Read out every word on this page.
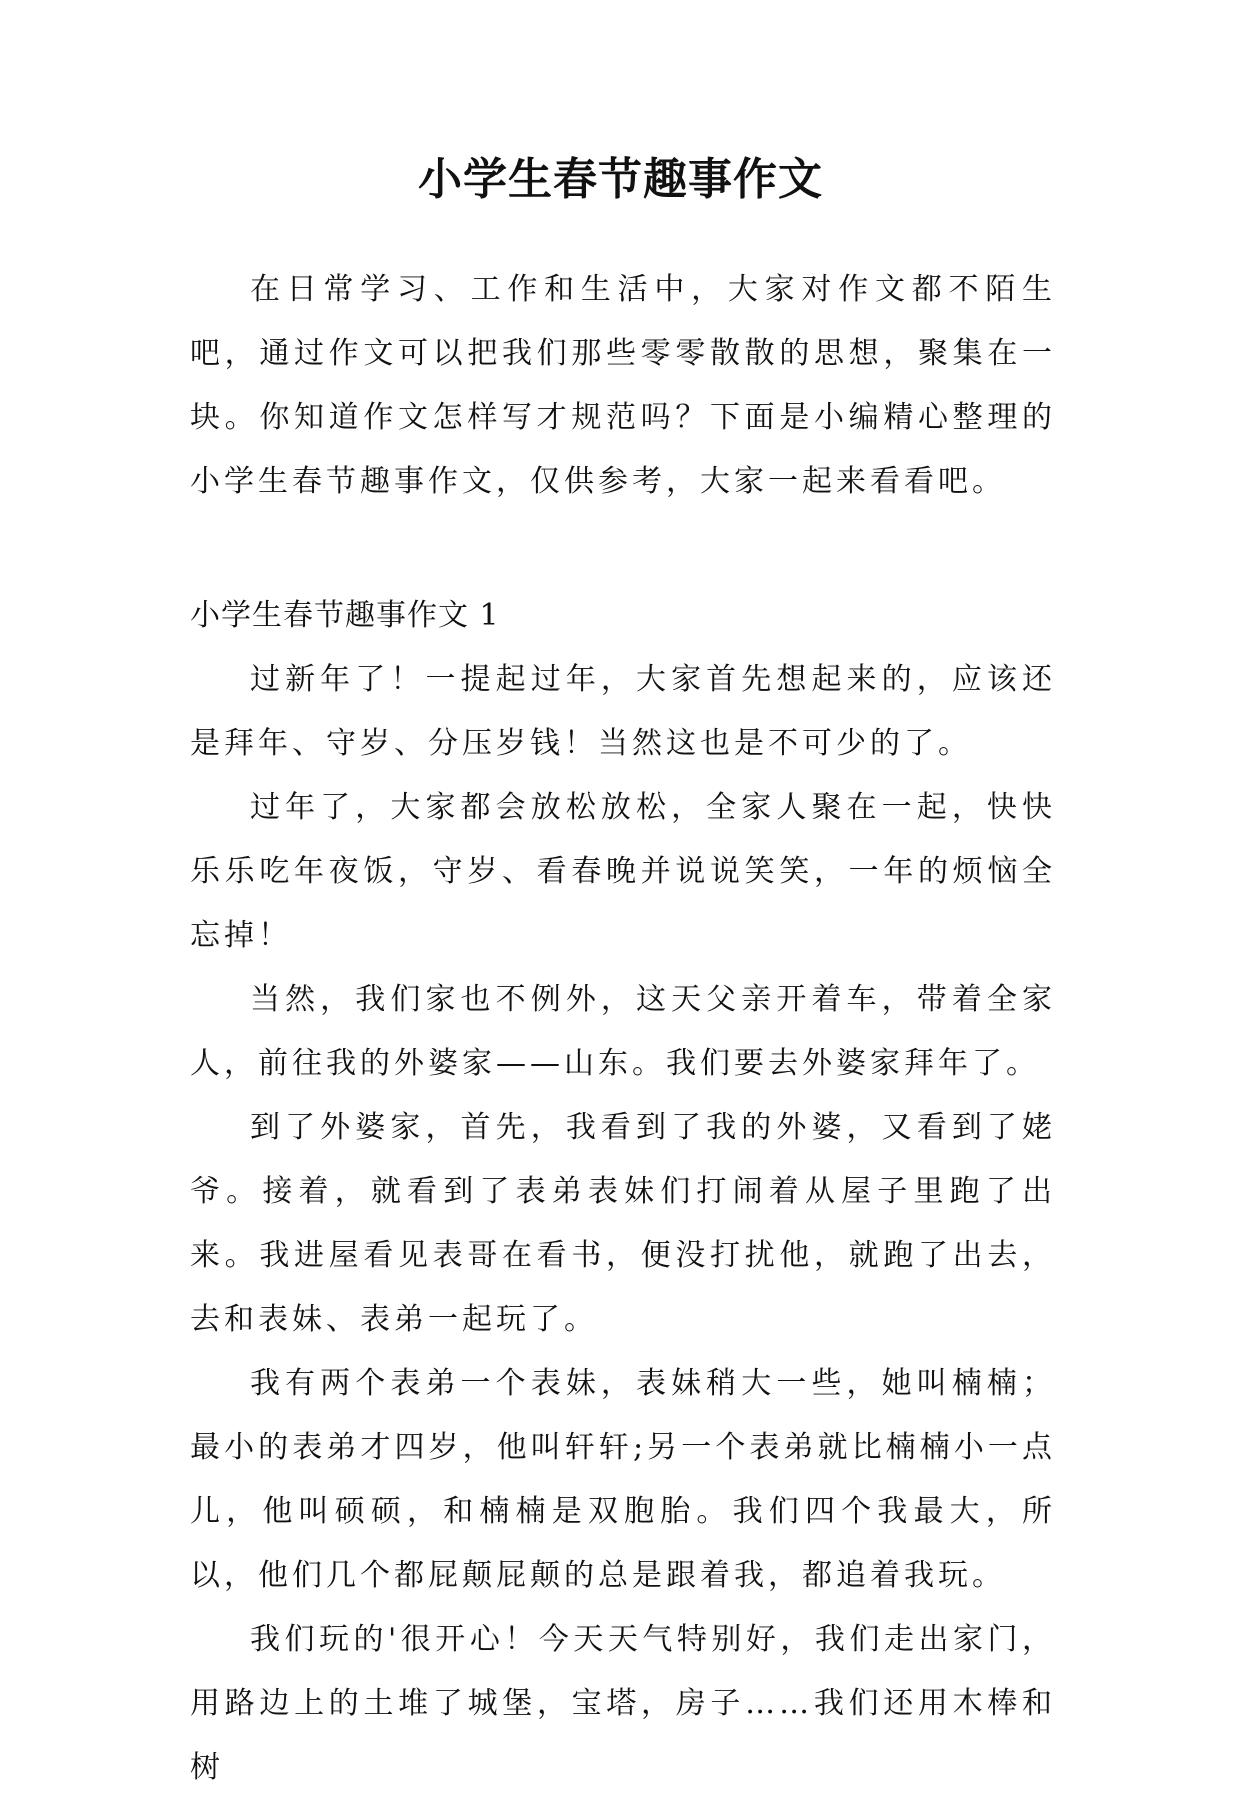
小学生春节趣事作文

在日常学习、工作和生活中，大家对作文都不陌生吧，通过作文可以把我们那些零零散散的思想，聚集在一块。你知道作文怎样写才规范吗？下面是小编精心整理的小学生春节趣事作文，仅供参考，大家一起来看看吧。

小学生春节趣事作文 1

过新年了！一提起过年，大家首先想起来的，应该还是拜年、守岁、分压岁钱！当然这也是不可少的了。

过年了，大家都会放松放松，全家人聚在一起，快快乐乐吃年夜饭，守岁、看春晚并说说笑笑，一年的烦恼全忘掉！

当然，我们家也不例外，这天父亲开着车，带着全家人，前往我的外婆家——山东。我们要去外婆家拜年了。

到了外婆家，首先，我看到了我的外婆，又看到了姥爷。接着，就看到了表弟表妹们打闹着从屋子里跑了出来。我进屋看见表哥在看书，便没打扰他，就跑了出去，去和表妹、表弟一起玩了。

我有两个表弟一个表妹，表妹稍大一些，她叫楠楠；最小的表弟才四岁，他叫轩轩;另一个表弟就比楠楠小一点儿，他叫硕硕，和楠楠是双胞胎。我们四个我最大，所以，他们几个都屁颠屁颠的总是跟着我，都追着我玩。

我们玩的'很开心！今天天气特别好，我们走出家门，用路边上的土堆了城堡，宝塔，房子……我们还用木棒和树
